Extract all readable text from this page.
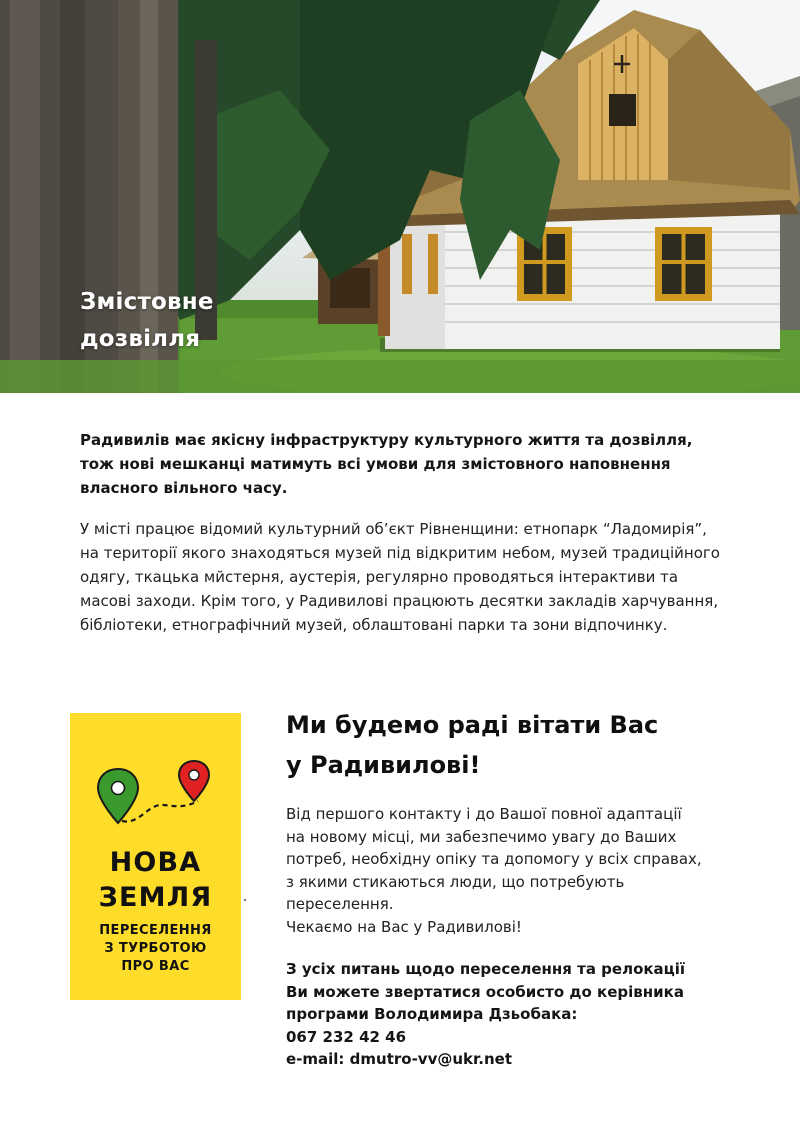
Змістовне
дозвілля
Радивилів має якісну інфраструктуру культурного життя та дозвілля,
тож нові мешканці матимуть всі умови для змістовного наповнення
власного вільного часу.
У місті працює відомий культурний об’єкт Рівненщини: етнопарк “Ладомирія”,
на території якого знаходяться музей під відкритим небом, музей традиційного
одягу, ткацька мйстерня, аустерія, регулярно проводяться інтерактиви та
масові заходи. Крім того, у Радивилові працюють десятки закладів харчування,
бібліотеки, етнографічний музей, облаштовані парки та зони відпочинку.
НОВА
ЗЕМЛЯ
ПЕРЕСЕЛЕННЯ
З ТУРБОТОЮ
ПРО ВАС
Ми будемо раді вітати Вас
у Радивилові!
Від першого контакту і до Вашої повної адаптації
на новому місці, ми забезпечимо увагу до Ваших
потреб, необхідну опіку та допомогу у всіх справах,
з якими стикаються люди, що потребують
переселення.
Чекаємо на Вас у Радивилові!
З усіх питань щодо переселення та релокації
Ви можете звертатися особисто до керівника
програми Володимира Дзьобака:
067 232 42 46
e-mail: dmutro-vv@ukr.net
